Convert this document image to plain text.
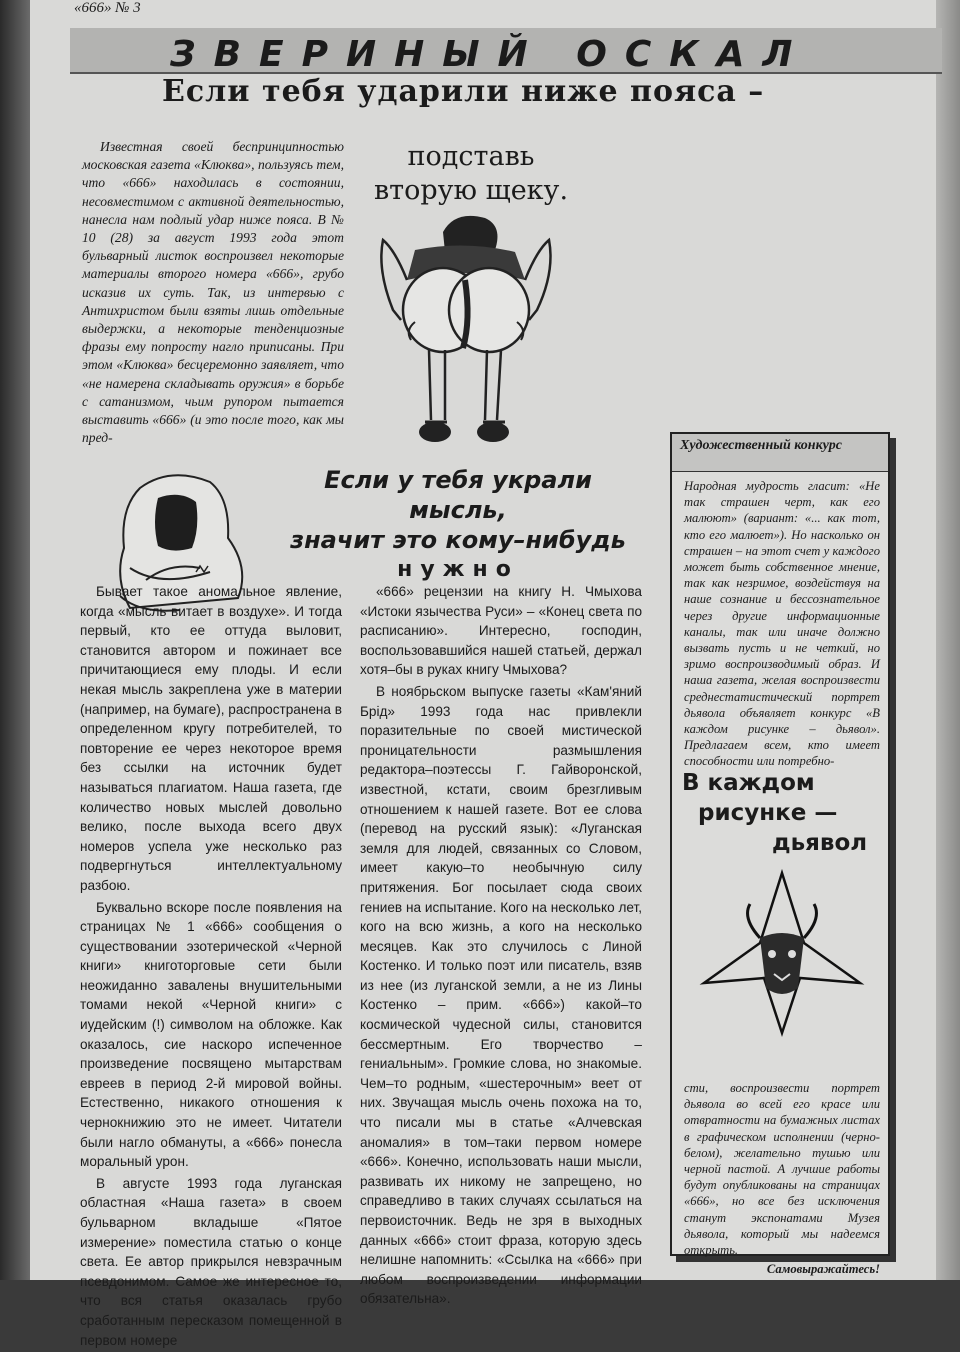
«666» № 3
ЗВЕРИНЫЙ ОСКАЛ
Если тебя ударили ниже пояса –

Известная своей беспринципностью московская газета «Клюква», пользуясь тем, что «666» находилась в состоянии, несовместимом с активной деятельностью, нанесла нам подлый удар ниже пояса. В № 10 (28) за август 1993 года этот бульварный листок воспроизвел некоторые материалы второго номера «666», грубо исказив их суть. Так, из интервью с Антихристом были взяты лишь отдельные выдержки, а некоторые тенденциозные фразы ему попросту нагло приписаны. При этом «Клюква» бесцеремонно заявляет, что «не намерена складывать оружия» в борьбе с сатанизмом, чьим рупором пытается выставить «666» (и это после того, как мы пред-

подставь вторую щеку.
Если у тебя украли мысль,
значит это кому–нибудь
нужно

Бывает такое аномальное явление, когда «мысль витает в воздухе». И тогда первый, кто ее оттуда выловит, становится автором и пожинает все причитающиеся ему плоды. И если некая мысль закреплена уже в материи (например, на бумаге), распространена в определенном кругу потребителей, то повторение ее через некоторое время без ссылки на источник будет называться плагиатом. Наша газета, где количество новых мыслей довольно велико, после выхода всего двух номеров успела уже несколько раз подвергнуться интеллектуальному разбою.

Буквально вскоре после появления на страницах № 1 «666» сообщения о существовании эзотерической «Черной книги» книготорговые сети были неожиданно завалены внушительными томами некой «Черной книги» с иудейским (!) символом на обложке. Как оказалось, сие наскоро испеченное произведение посвящено мытарствам евреев в период 2-й мировой войны. Естественно, никакого отношения к чернокнижию это не имеет. Читатели были нагло обмануты, а «666» понесла моральный урон.

В августе 1993 года луганская областная «Наша газета» в своем бульварном вкладыше «Пятое измерение» поместила статью о конце света. Ее автор прикрылся невзрачным псевдонимом. Самое же интересное то, что вся статья оказалась грубо сработанным пересказом помещенной в первом номере

«666» рецензии на книгу Н. Чмыхова «Истоки язычества Руси» – «Конец света по расписанию». Интересно, господин, воспользовавшийся нашей статьей, держал хотя–бы в руках книгу Чмыхова?

В ноябрьском выпуске газеты «Кам'яний Брід» 1993 года нас привлекли поразительные по своей мистической проницательности размышления редактора–поэтессы Г. Гайворонской, известной, кстати, своим брезгливым отношением к нашей газете. Вот ее слова (перевод на русский язык): «Луганская земля для людей, связанных со Словом, имеет какую–то необычную силу притяжения. Бог посылает сюда своих гениев на испытание. Кого на несколько лет, кого на всю жизнь, а кого на несколько месяцев. Как это случилось с Линой Костенко. И только поэт или писатель, взяв из нее (из луганской земли, а не из Лины Костенко – прим. «666») какой–то космической чудесной силы, становится бессмертным. Его творчество – гениальным». Громкие слова, но знакомые. Чем–то родным, «шестерочным» веет от них. Звучащая мысль очень похожа на то, что писали мы в статье «Алчевская аномалия» в том–таки первом номере «666». Конечно, использовать наши мысли, развивать их никому не запрещено, но справедливо в таких случаях ссылаться на первоисточник. Ведь не зря в выходных данных «666» стоит фраза, которую здесь нелишне напомнить: «Ссылка на «666» при любом воспроизведении информации обязательна».

Художественный конкурс
Народная мудрость гласит: «Не так страшен черт, как его малюют» (вариант: «... как тот, кто его малюет»). Но насколько он страшен – на этот счет у каждого может быть собственное мнение, так как незримое, воздействуя на наше сознание и бессознательное через другие информационные каналы, так или иначе должно вызвать пусть и не четкий, но зримо воспроизводимый образ. И наша газета, желая воспроизвести среднестатистический портрет дьявола объявляет конкурс «В каждом рисунке – дьявол». Предлагаем всем, кто имеет способности или потребно-
В каждом
рисунке —
дьявол
сти, воспроизвести портрет дьявола во всей его красе или отвратности на бумажных листах в графическом исполнении (черно-белом), желательно тушью или черной пастой. А лучшие работы будут опубликованы на страницах «666», но все без исключения станут экспонатами Музея дьявола, который мы надеемся открыть.
Самовыражайтесь!
